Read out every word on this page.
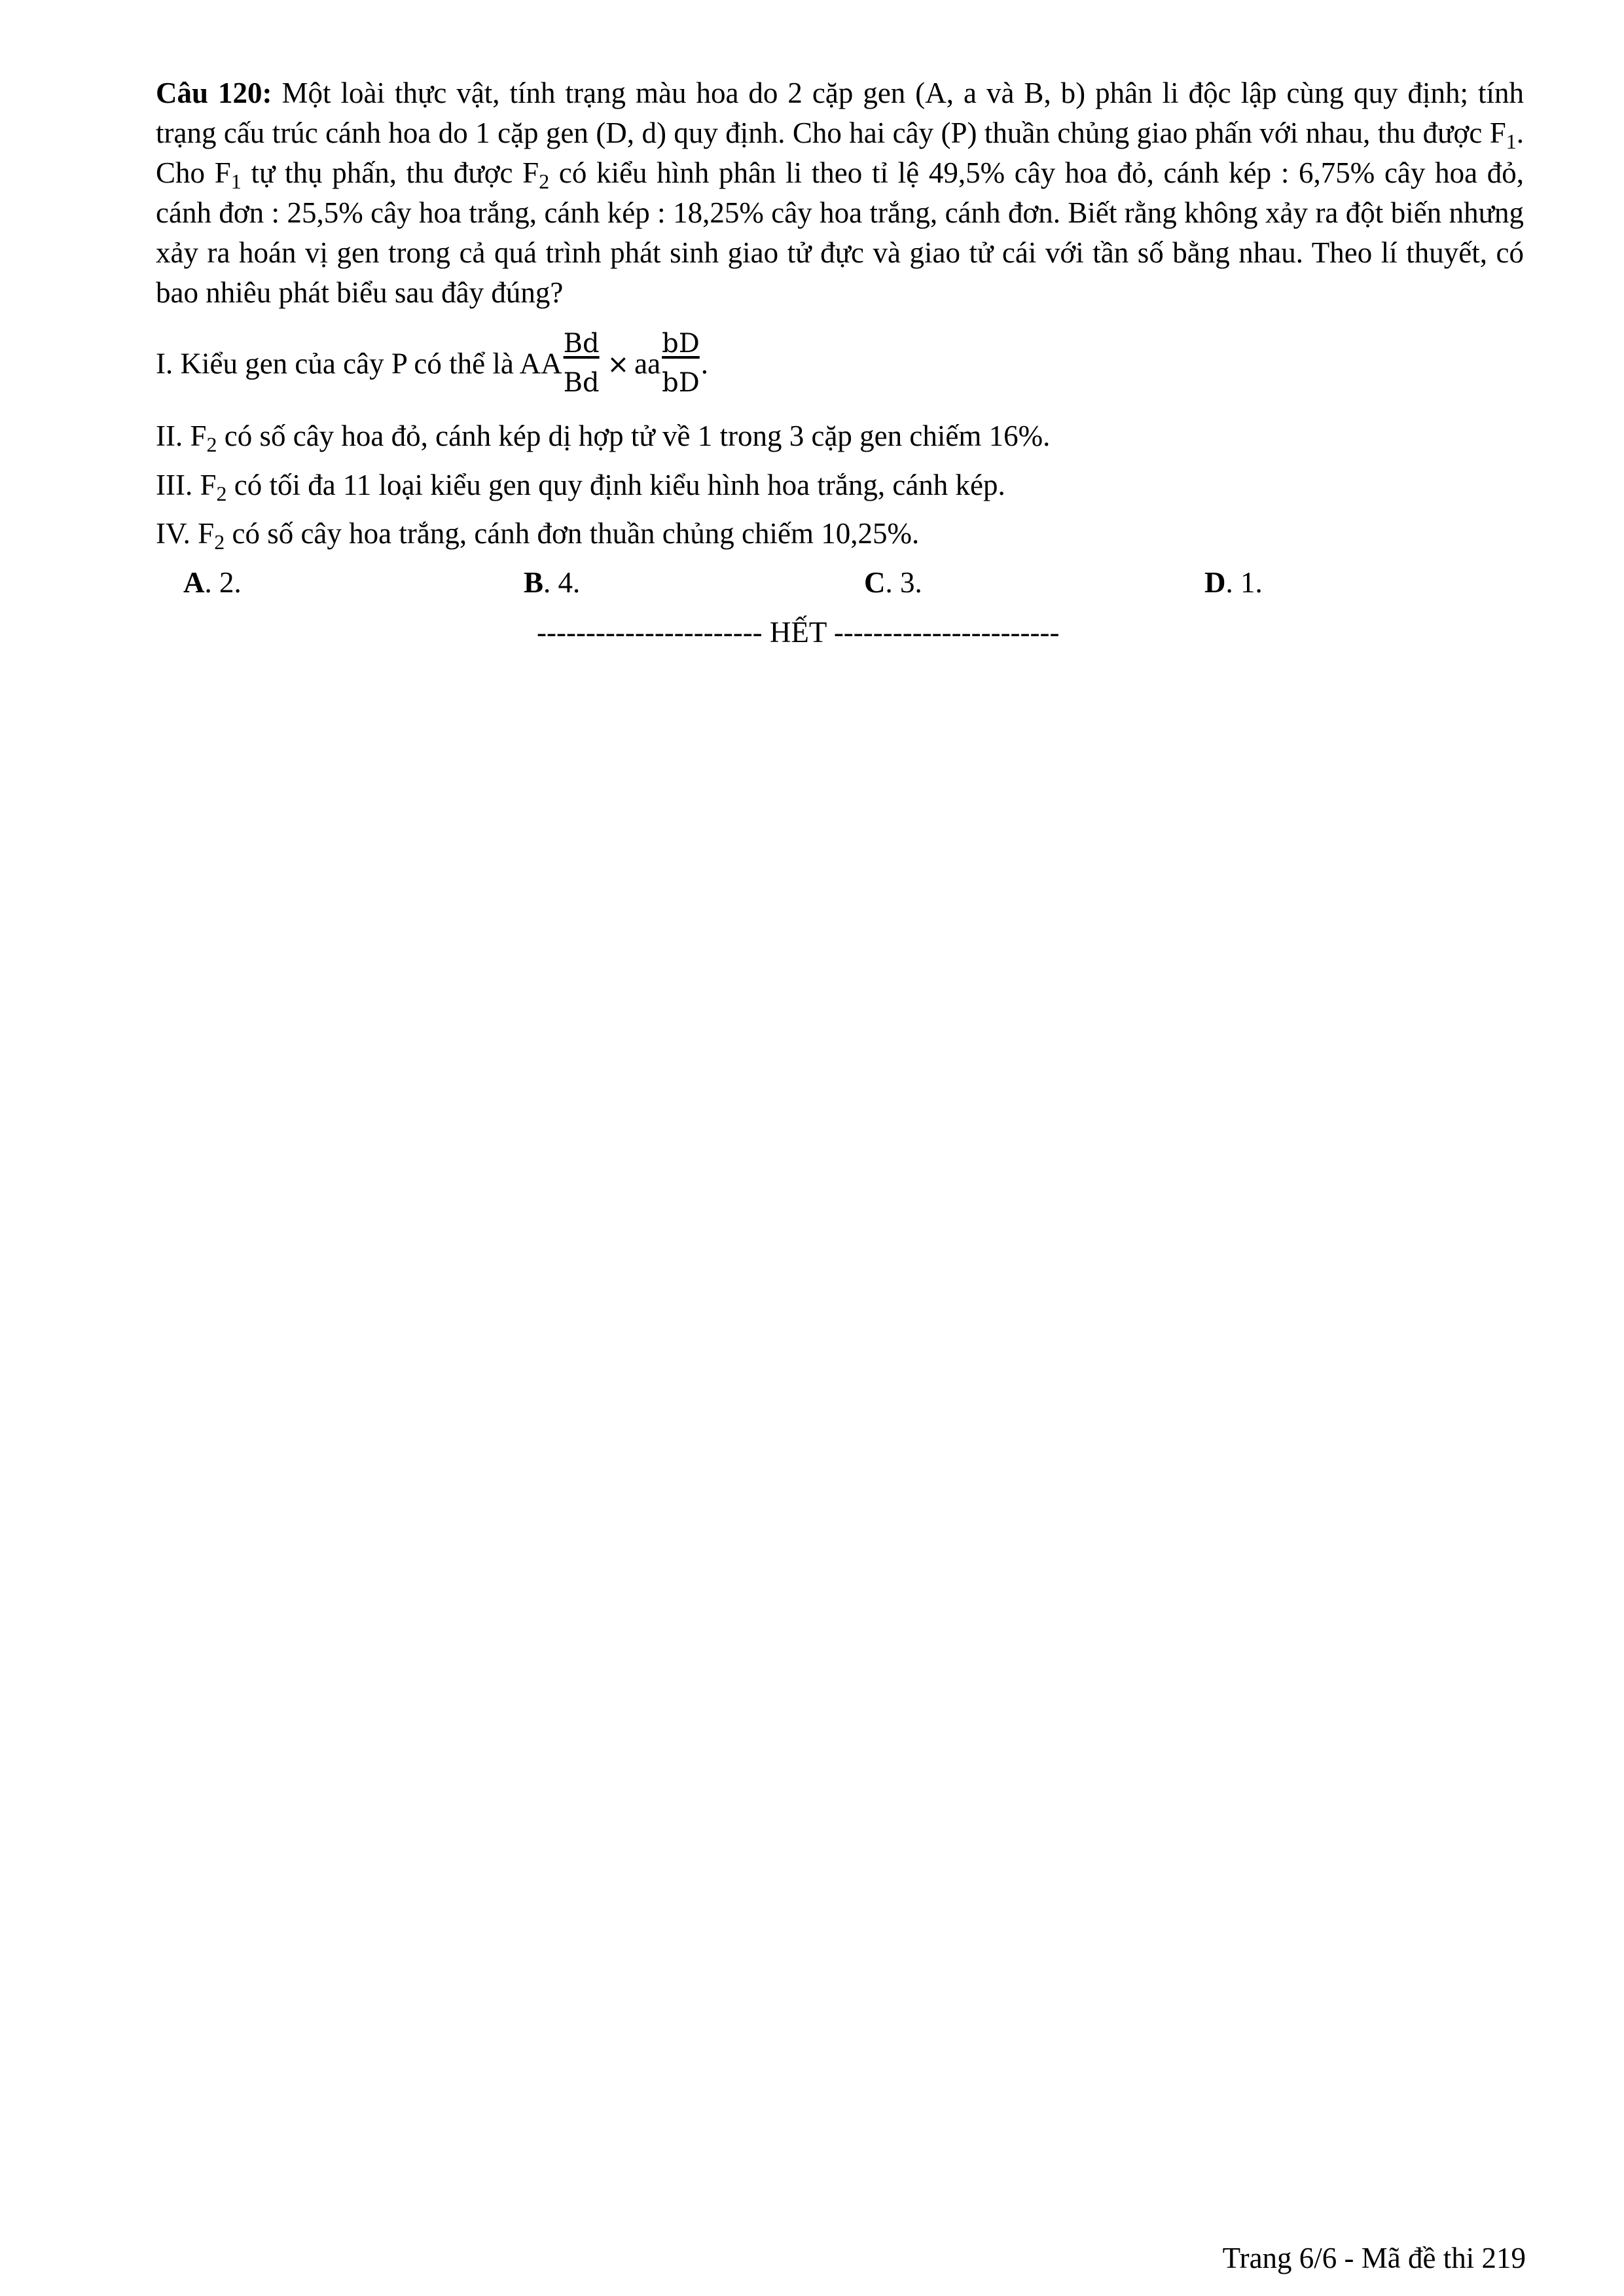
Câu 120: Một loài thực vật, tính trạng màu hoa do 2 cặp gen (A, a và B, b) phân li độc lập cùng quy định; tính trạng cấu trúc cánh hoa do 1 cặp gen (D, d) quy định. Cho hai cây (P) thuần chủng giao phấn với nhau, thu được $F_1$. Cho $F_1$ tự thụ phấn, thu được $F_2$ có kiểu hình phân li theo tỉ lệ 49,5% cây hoa đỏ, cánh kép : 6,75% cây hoa đỏ, cánh đơn : 25,5% cây hoa trắng, cánh kép : 18,25% cây hoa trắng, cánh đơn. Biết rằng không xảy ra đột biến nhưng xảy ra hoán vị gen trong cả quá trình phát sinh giao tử đực và giao tử cái với tần số bằng nhau. Theo lí thuyết, có bao nhiêu phát biểu sau đây đúng?
I. Kiểu gen của cây P có thể là AA $\frac{Bd}{Bd}$ × aa $\frac{bD}{bD}$ .
II. $F_2$ có số cây hoa đỏ, cánh kép dị hợp tử về 1 trong 3 cặp gen chiếm 16%.
III. $F_2$ có tối đa 11 loại kiểu gen quy định kiểu hình hoa trắng, cánh kép.
IV. $F_2$ có số cây hoa trắng, cánh đơn thuần chủng chiếm 10,25%.
A. 2.	B. 4.	C. 3.	D. 1.
----------------------- HẾT -----------------------
Trang 6/6 - Mã đề thi 219
